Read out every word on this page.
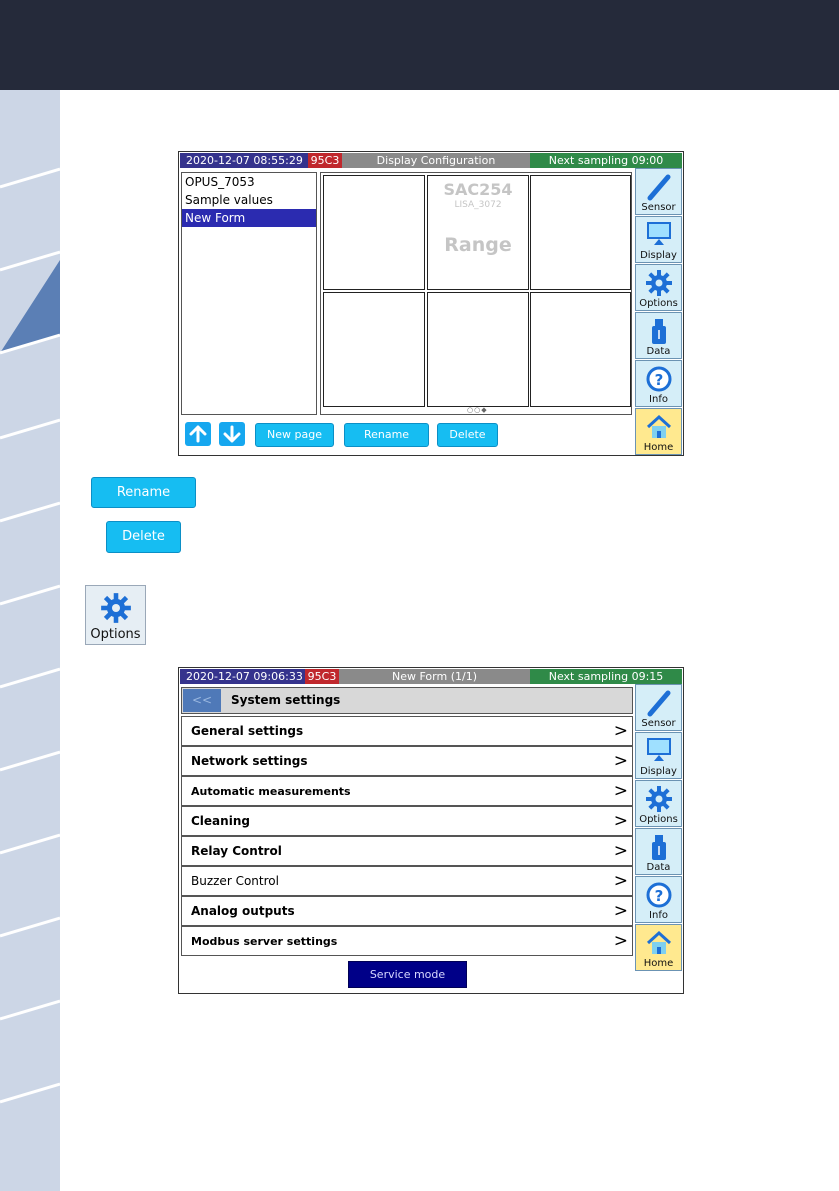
2020-12-07 08:55:29 95C3	Display Configuration	Next sampling 09:00
OPUS_7053
Sample values
New Form
SAC254
LISA_3072
Range
○○◆
New page	Rename	Delete
Sensor
Display
Options
Data
?
Info
Home
Rename
Delete
Options
2020-12-07 09:06:33 95C3	New Form (1/1)	Next sampling 09:15
<<	System settings
General settings	>
Network settings	>
Automatic measurements	>
Cleaning	>
Relay Control	>
Buzzer Control	>
Analog outputs	>
Modbus server settings	>
Service mode
Sensor
Display
Options
Data
?
Info
Home
